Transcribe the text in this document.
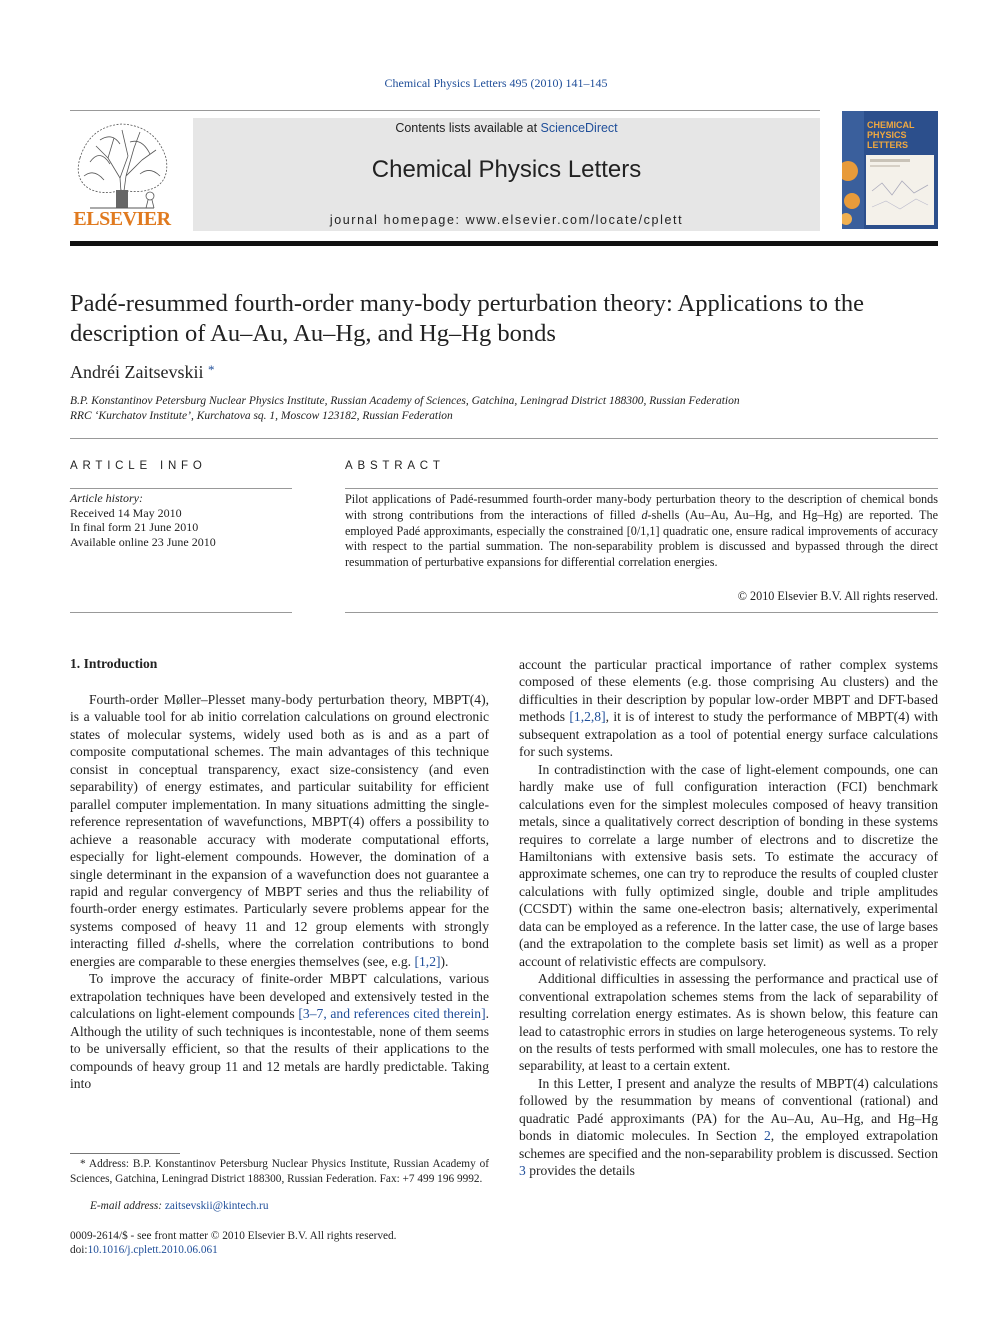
Chemical Physics Letters 495 (2010) 141–145
ELSEVIER
Contents lists available at ScienceDirect
Chemical Physics Letters
journal homepage: www.elsevier.com/locate/cplett
CHEMICAL PHYSICS LETTERS
Padé-resummed fourth-order many-body perturbation theory: Applications to the description of Au–Au, Au–Hg, and Hg–Hg bonds
Andréi Zaitsevskii *
B.P. Konstantinov Petersburg Nuclear Physics Institute, Russian Academy of Sciences, Gatchina, Leningrad District 188300, Russian Federation
RRC ‘Kurchatov Institute’, Kurchatova sq. 1, Moscow 123182, Russian Federation
ARTICLE INFO	ABSTRACT
Article history:
Received 14 May 2010
In final form 21 June 2010
Available online 23 June 2010
Pilot applications of Padé-resummed fourth-order many-body perturbation theory to the description of chemical bonds with strong contributions from the interactions of filled d-shells (Au–Au, Au–Hg, and Hg–Hg) are reported. The employed Padé approximants, especially the constrained [0/1,1] quadratic one, ensure radical improvements of accuracy with respect to the partial summation. The non-separability problem is discussed and bypassed through the direct resummation of perturbative expansions for differential correlation energies.
© 2010 Elsevier B.V. All rights reserved.
1. Introduction

Fourth-order Møller–Plesset many-body perturbation theory, MBPT(4), is a valuable tool for ab initio correlation calculations on ground electronic states of molecular systems, widely used both as is and as a part of composite computational schemes. The main advantages of this technique consist in conceptual transparency, exact size-consistency (and even separability) of energy estimates, and particular suitability for efficient parallel computer implementation. In many situations admitting the single-reference representation of wavefunctions, MBPT(4) offers a possibility to achieve a reasonable accuracy with moderate computational efforts, especially for light-element compounds. However, the domination of a single determinant in the expansion of a wavefunction does not guarantee a rapid and regular convergency of MBPT series and thus the reliability of fourth-order energy estimates. Particularly severe problems appear for the systems composed of heavy 11 and 12 group elements with strongly interacting filled d-shells, where the correlation contributions to bond energies are comparable to these energies themselves (see, e.g. [1,2]).

To improve the accuracy of finite-order MBPT calculations, various extrapolation techniques have been developed and extensively tested in the calculations on light-element compounds [3–7, and references cited therein]. Although the utility of such techniques is incontestable, none of them seems to be universally efficient, so that the results of their applications to the compounds of heavy group 11 and 12 metals are hardly predictable. Taking into

account the particular practical importance of rather complex systems composed of these elements (e.g. those comprising Au clusters) and the difficulties in their description by popular low-order MBPT and DFT-based methods [1,2,8], it is of interest to study the performance of MBPT(4) with subsequent extrapolation as a tool of potential energy surface calculations for such systems.

In contradistinction with the case of light-element compounds, one can hardly make use of full configuration interaction (FCI) benchmark calculations even for the simplest molecules composed of heavy transition metals, since a qualitatively correct description of bonding in these systems requires to correlate a large number of electrons and to discretize the Hamiltonians with extensive basis sets. To estimate the accuracy of approximate schemes, one can try to reproduce the results of coupled cluster calculations with fully optimized single, double and triple amplitudes (CCSDT) within the same one-electron basis; alternatively, experimental data can be employed as a reference. In the latter case, the use of large bases (and the extrapolation to the complete basis set limit) as well as a proper account of relativistic effects are compulsory.

Additional difficulties in assessing the performance and practical use of conventional extrapolation schemes stems from the lack of separability of resulting correlation energy estimates. As is shown below, this feature can lead to catastrophic errors in studies on large heterogeneous systems. To rely on the results of tests performed with small molecules, one has to restore the separability, at least to a certain extent.

In this Letter, I present and analyze the results of MBPT(4) calculations followed by the resummation by means of conventional (rational) and quadratic Padé approximants (PA) for the Au–Au, Au–Hg, and Hg–Hg bonds in diatomic molecules. In Section 2, the employed extrapolation schemes are specified and the non-separability problem is discussed. Section 3 provides the details

* Address: B.P. Konstantinov Petersburg Nuclear Physics Institute, Russian Academy of Sciences, Gatchina, Leningrad District 188300, Russian Federation. Fax: +7 499 196 9992.
E-mail address: zaitsevskii@kintech.ru
0009-2614/$ - see front matter © 2010 Elsevier B.V. All rights reserved.
doi:10.1016/j.cplett.2010.06.061
